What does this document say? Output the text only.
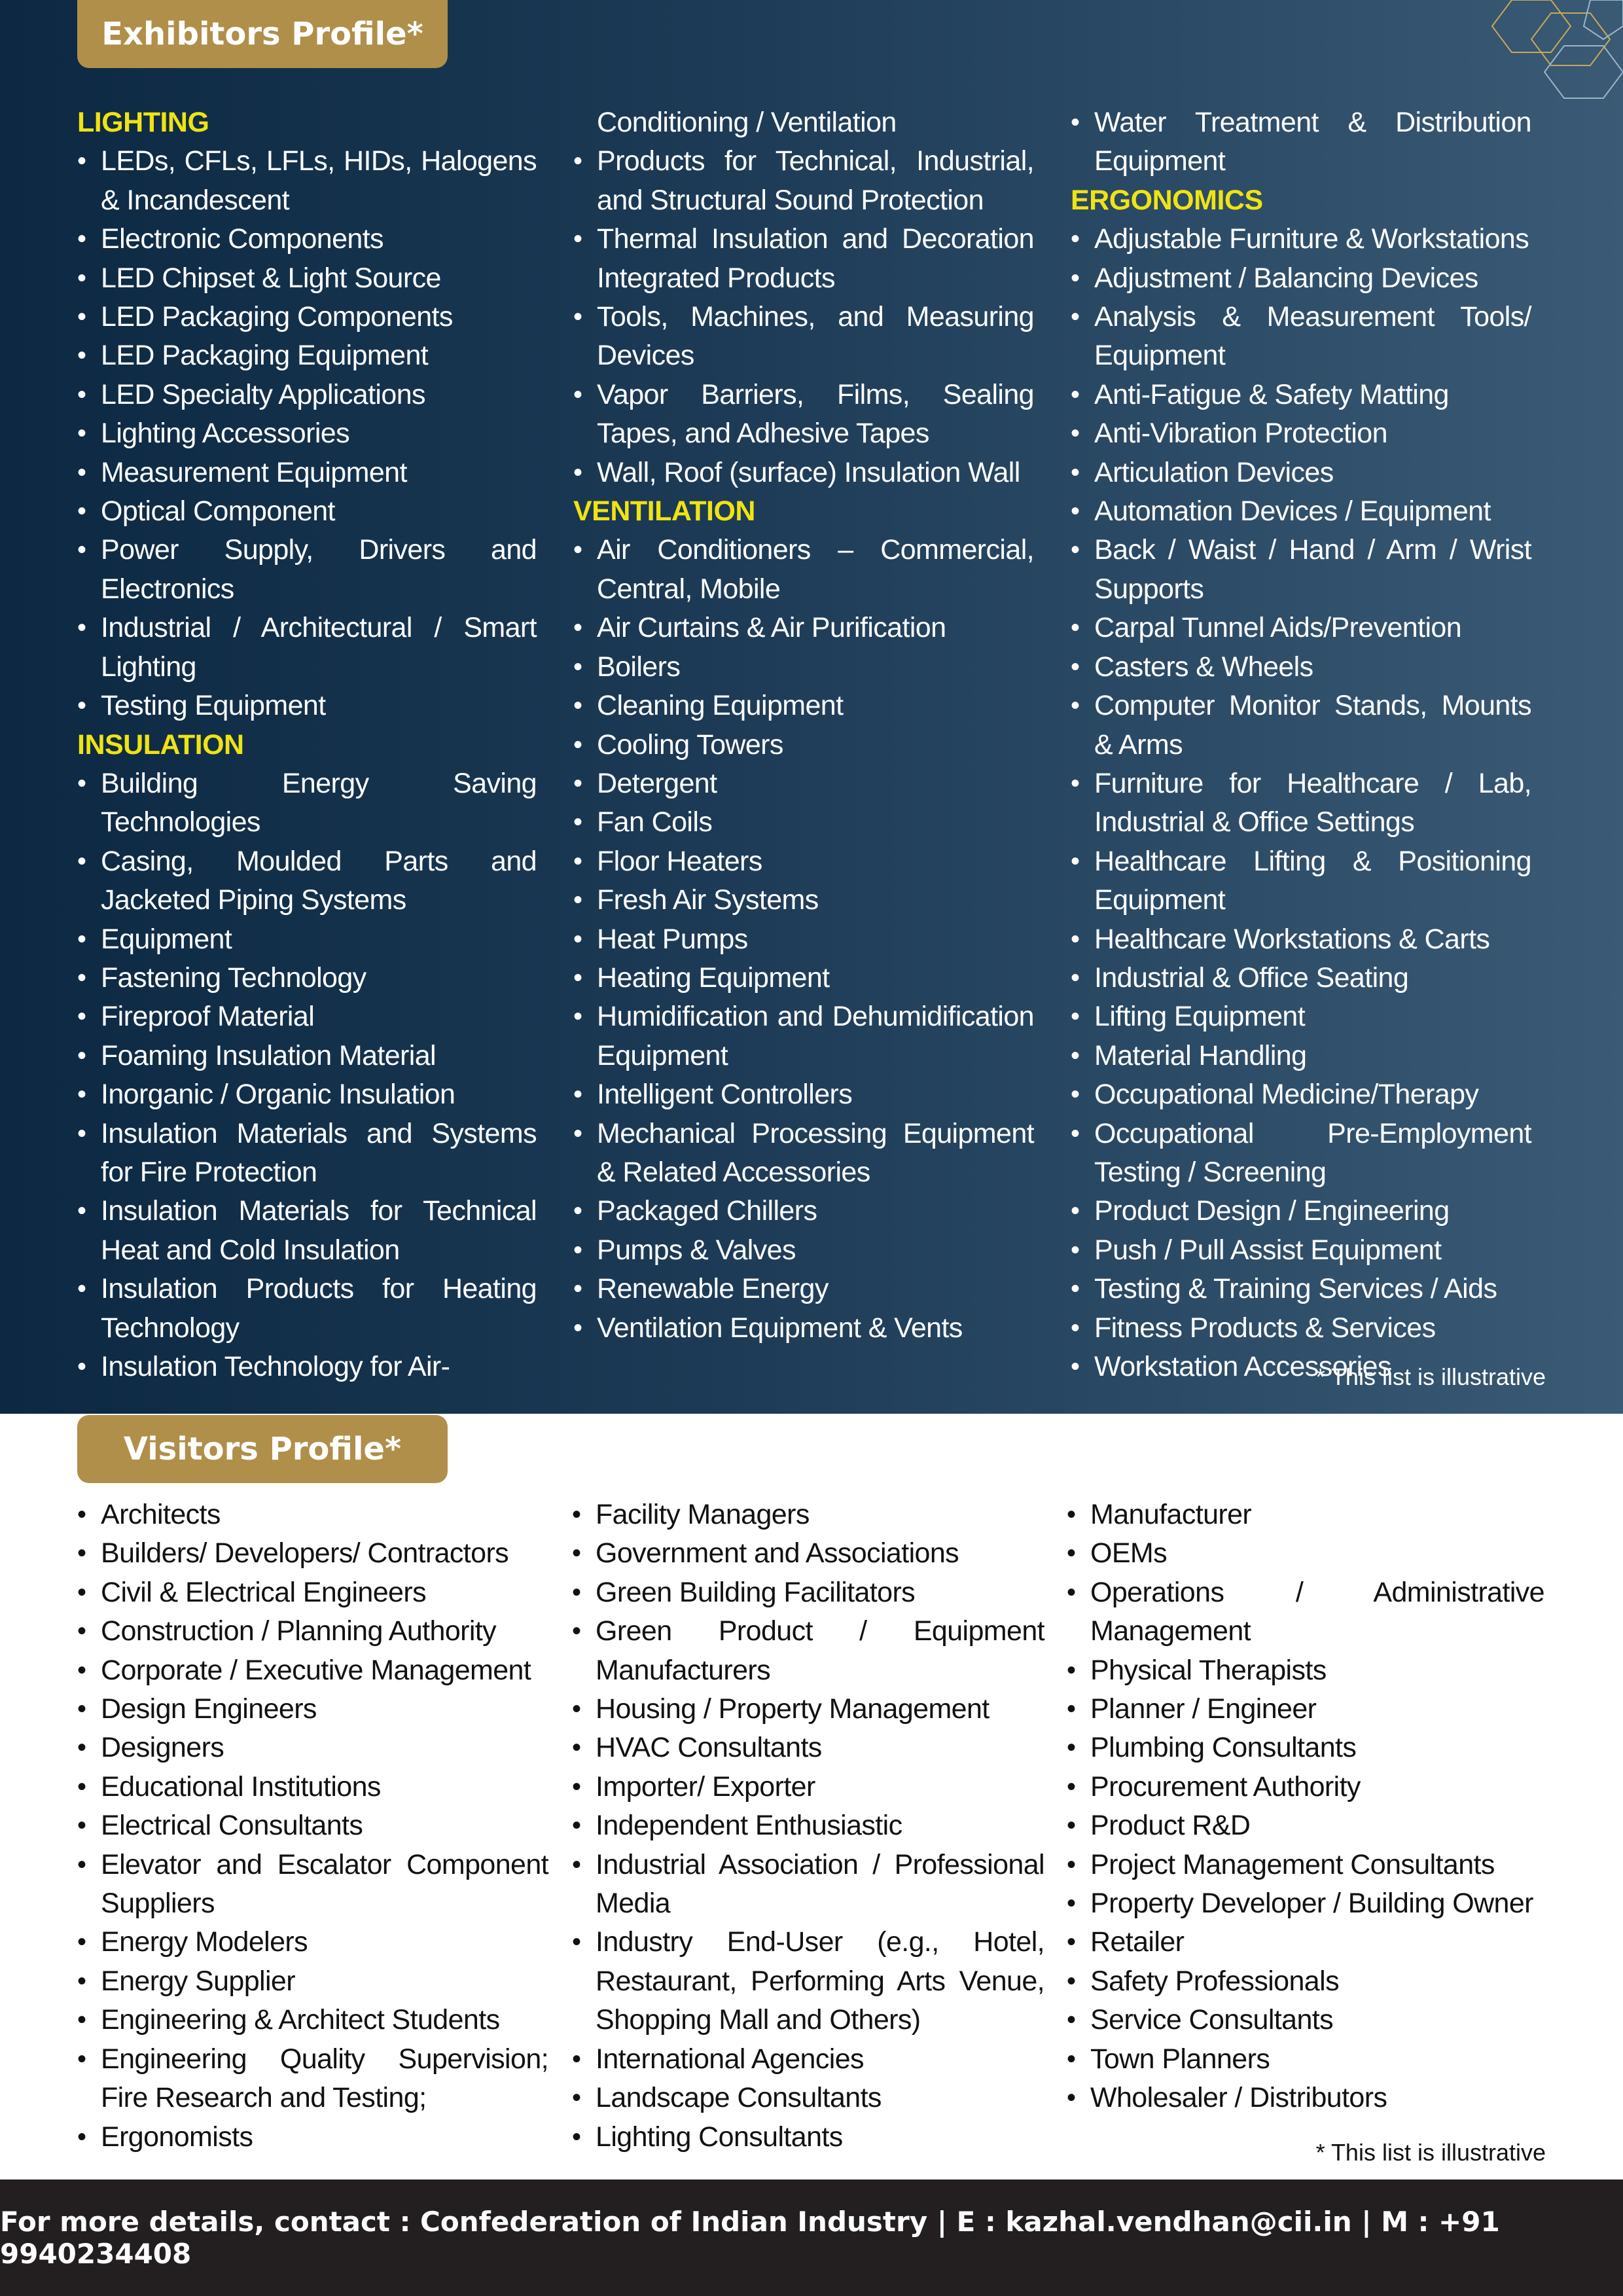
Exhibitors Profile*
LIGHTING
• LEDs, CFLs, LFLs, HIDs, Halogens & Incandescent
• Electronic Components
• LED Chipset & Light Source
• LED Packaging Components
• LED Packaging Equipment
• LED Specialty Applications
• Lighting Accessories
• Measurement Equipment
• Optical Component
• Power Supply, Drivers and Electronics
• Industrial / Architectural / Smart Lighting
• Testing Equipment
INSULATION
• Building Energy Saving Technologies
• Casing, Moulded Parts and Jacketed Piping Systems
• Equipment
• Fastening Technology
• Fireproof Material
• Foaming Insulation Material
• Inorganic / Organic Insulation
• Insulation Materials and Systems for Fire Protection
• Insulation Materials for Technical Heat and Cold Insulation
• Insulation Products for Heating Technology
• Insulation Technology for Air-
Conditioning / Ventilation
• Products for Technical, Industrial, and Structural Sound Protection
• Thermal Insulation and Decoration Integrated Products
• Tools, Machines, and Measuring Devices
• Vapor Barriers, Films, Sealing Tapes, and Adhesive Tapes
• Wall, Roof (surface) Insulation Wall
VENTILATION
• Air Conditioners – Commercial, Central, Mobile
• Air Curtains & Air Purification
• Boilers
• Cleaning Equipment
• Cooling Towers
• Detergent
• Fan Coils
• Floor Heaters
• Fresh Air Systems
• Heat Pumps
• Heating Equipment
• Humidification and Dehumidification Equipment
• Intelligent Controllers
• Mechanical Processing Equipment & Related Accessories
• Packaged Chillers
• Pumps & Valves
• Renewable Energy
• Ventilation Equipment & Vents
• Water Treatment & Distribution Equipment
ERGONOMICS
• Adjustable Furniture & Workstations
• Adjustment / Balancing Devices
• Analysis & Measurement Tools/ Equipment
• Anti-Fatigue & Safety Matting
• Anti-Vibration Protection
• Articulation Devices
• Automation Devices / Equipment
• Back / Waist / Hand / Arm / Wrist Supports
• Carpal Tunnel Aids/Prevention
• Casters & Wheels
• Computer Monitor Stands, Mounts & Arms
• Furniture for Healthcare / Lab, Industrial & Office Settings
• Healthcare Lifting & Positioning Equipment
• Healthcare Workstations & Carts
• Industrial & Office Seating
• Lifting Equipment
• Material Handling
• Occupational Medicine/Therapy
• Occupational Pre-Employment Testing / Screening
• Product Design / Engineering
• Push / Pull Assist Equipment
• Testing & Training Services / Aids
• Fitness Products & Services
• Workstation Accessories
* This list is illustrative
Visitors Profile*
• Architects
• Builders/ Developers/ Contractors
• Civil & Electrical Engineers
• Construction / Planning Authority
• Corporate / Executive Management
• Design Engineers
• Designers
• Educational Institutions
• Electrical Consultants
• Elevator and Escalator Component Suppliers
• Energy Modelers
• Energy Supplier
• Engineering & Architect Students
• Engineering Quality Supervision; Fire Research and Testing;
• Ergonomists
• Facility Managers
• Government and Associations
• Green Building Facilitators
• Green Product / Equipment Manufacturers
• Housing / Property Management
• HVAC Consultants
• Importer/ Exporter
• Independent Enthusiastic
• Industrial Association / Professional Media
• Industry End-User (e.g., Hotel, Restaurant, Performing Arts Venue, Shopping Mall and Others)
• International Agencies
• Landscape Consultants
• Lighting Consultants
• Manufacturer
• OEMs
• Operations / Administrative Management
• Physical Therapists
• Planner / Engineer
• Plumbing Consultants
• Procurement Authority
• Product R&D
• Project Management Consultants
• Property Developer / Building Owner
• Retailer
• Safety Professionals
• Service Consultants
• Town Planners
• Wholesaler / Distributors
* This list is illustrative
For more details, contact : Confederation of Indian Industry | E : kazhal.vendhan@cii.in | M : +91 9940234408
